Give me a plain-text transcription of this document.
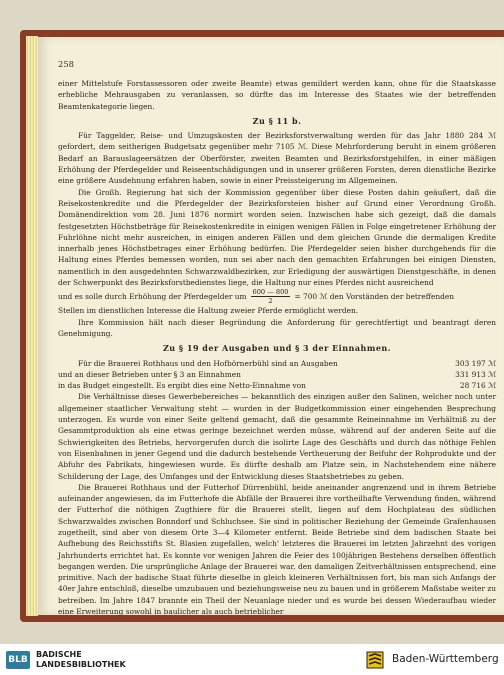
258

einer Mittelstufe Forstassessoren oder zweite Beamte) etwas gemildert werden kann, ohne für die Staatskasse erhebliche Mehrausgaben zu veranlassen, so dürfte das im Interesse des Staates wie der betreffenden Beamtenkategorie liegen.

Zu § 11 b.

Für Taggelder, Reise- und Umzugskosten der Bezirksforstverwaltung werden für das Jahr 1880 284 ℳ gefordert, dem seitherigen Budgetsatz gegenüber mehr 7105 ℳ. Diese Mehrforderung beruht in einem größeren Bedarf an Barauslageersätzen der Oberförster, zweiten Beamten und Bezirksforstgehilfen, in einer mäßigen Erhöhung der Pferdegelder und Reiseentschädigungen und in unserer größeren Forsten, deren dienstliche Bezirke eine größere Ausdehnung erfahren haben, sowie in einer Preissteigerung im Allgemeinen.

Die Großh. Regierung hat sich der Kommission gegenüber über diese Posten dahin geäußert, daß die Reisekostenkredite und die Pferdegelder der Bezirksforsteien bisher auf Grund einer Verordnung Großh. Domänendirektion vom 28. Juni 1876 normirt worden seien. Inzwischen habe sich gezeigt, daß die damals festgesetzten Höchstbeträge für Reisekostenkredite in einigen wenigen Fällen in Folge eingetretener Erhöhung der Fuhrlöhne nicht mehr ausreichen, in einigen anderen Fällen und dem gleichen Grunde die dermaligen Kredite innerhalb jenes Höchstbetrages einer Erhöhung bedürfen. Die Pferdegelder seien bisher durchgehends für die Haltung eines Pferdes bemessen worden, nun sei aber nach den gemachten Erfahrungen bei einigen Diensten, namentlich in den ausgedehnten Schwarzwaldbezirken, zur Erledigung der auswärtigen Dienstgeschäfte, in denen der Schwerpunkt des Bezirksforstbedienstes liege, die Haltung nur eines Pferdes nicht ausreichend

und es solle durch Erhöhung der Pferdegelder um $\frac{600 — 800}{2} = 700$ ℳ den Vorständen der betreffenden

Stellen im dienstlichen Interesse die Haltung zweier Pferde ermöglicht werden.

Ihre Kommission hält nach dieser Begründung die Anforderung für gerechtfertigt und beantragt deren Genehmigung.

Zu § 19 der Ausgaben und § 3 der Einnahmen.

Für die Brauerei Rothhaus und den Hofbörnerbühl sind an Ausgaben	303 197 ℳ
und an dieser Betrieben unter § 3 an Einnahmen	331 913 ℳ
in das Budget eingestellt. Es ergibt dies eine Netto-Einnahme von	28 716 ℳ

Die Verhältnisse dieses Gewerbebereiches — bekanntlich des einzigen außer den Salinen, welcher noch unter allgemeiner staatlicher Verwaltung steht — wurden in der Budgetkommission einer eingehenden Besprechung unterzogen. Es wurde von einer Seite geltend gemacht, daß die gesammte Reineinnahme im Verhältniß zu der Gesammtproduktion als eine etwas geringe bezeichnet werden müsse, während auf der anderen Seite auf die Schwierigkeiten des Betriebs, hervorgerufen durch die isolirte Lage des Geschäfts und durch das nöthige Fehlen von Eisenbahnen in jener Gegend und die dadurch bestehende Vertheuerung der Beifuhr der Rohprodukte und der Abfuhr des Fabrikats, hingewiesen wurde. Es dürfte deshalb am Platze sein, in Nachstehendem eine nähere Schilderung der Lage, des Umfanges und der Entwicklung dieses Staatsbetriebes zu geben.

Die Brauerei Rothhaus und der Futterhof Dürrenbühl, beide aneinander angrenzend und in ihrem Betriebe aufeinander angewiesen, da im Futterhofe die Abfälle der Brauerei ihre vortheilhafte Verwendung finden, während der Futterhof die nöthigen Zugthiere für die Brauerei stellt, liegen auf dem Hochplateau des südlichen Schwarzwaldes zwischen Bonndorf und Schluchsee. Sie sind in politischer Beziehung der Gemeinde Grafenhausen zugetheilt, sind aber von diesem Orte 3—4 Kilometer entfernt. Beide Betriebe sind dem badischen Staate bei Aufhebung des Reichsstifts St. Blasien zugefallen, welch' letzteres die Brauerei im letzten Jahrzehnt des vorigen Jahrhunderts errichtet hat. Es konnte vor wenigen Jahren die Feier des 100jährigen Bestehens derselben öffentlich begangen werden. Die ursprüngliche Anlage der Brauerei war, den damaligen Zeitverhältnissen entsprechend, eine primitive. Nach der badische Staat führte dieselbe in gleich kleineren Verhältnissen fort, bis man sich Anfangs der 40er Jahre entschloß, dieselbe umzubauen und beziehungsweise neu zu bauen und in größerem Maßstabe weiter zu betreiben. Im Jahre 1847 brannte ein Theil der Neuanlage nieder und es wurde bei dessen Wiederaufbau wieder eine Erweiterung sowohl in baulicher als auch betrieblicher

BLB
BADISCHE
LANDESBIBLIOTHEK	Baden-Württemberg
